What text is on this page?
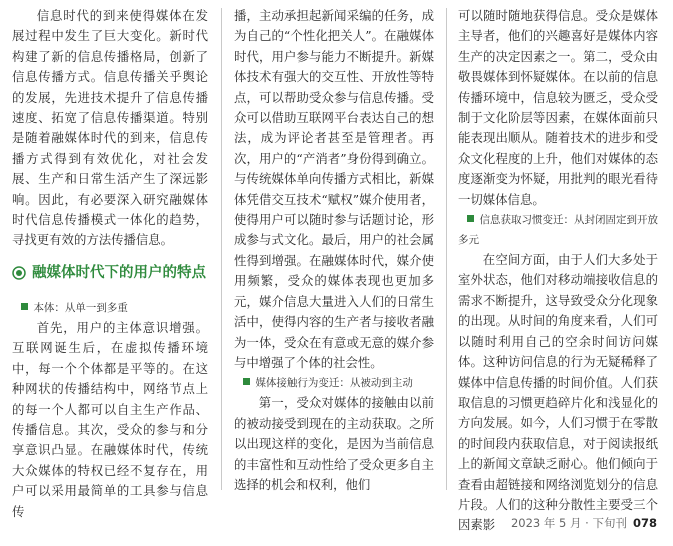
信息时代的到来使得媒体在发展过程中发生了巨大变化。新时代构建了新的信息传播格局，创新了信息传播方式。信息传播关乎舆论的发展，先进技术提升了信息传播速度、拓宽了信息传播渠道。特别是随着融媒体时代的到来，信息传播方式得到有效优化，对社会发展、生产和日常生活产生了深远影响。因此，有必要深入研究融媒体时代信息传播模式一体化的趋势，寻找更有效的方法传播信息。

融媒体时代下的用户的特点
本体：从单一到多重

首先，用户的主体意识增强。互联网诞生后，在虚拟传播环境中，每一个个体都是平等的。在这种网状的传播结构中，网络节点上的每一个人都可以自主生产作品、传播信息。其次，受众的参与和分享意识凸显。在融媒体时代，传统大众媒体的特权已经不复存在，用户可以采用最简单的工具参与信息传

播，主动承担起新闻采编的任务，成为自己的“个性化把关人”。在融媒体时代，用户参与能力不断提升。新媒体技术有强大的交互性、开放性等特点，可以帮助受众参与信息传播。受众可以借助互联网平台表达自己的想法，成为评论者甚至是管理者。再次，用户的“产消者”身份得到确立。与传统媒体单向传播方式相比，新媒体凭借交互技术“赋权”媒介使用者，使得用户可以随时参与话题讨论，形成参与式文化。最后，用户的社会属性得到增强。在融媒体时代，媒介使用频繁，受众的媒体表现也更加多元，媒介信息大量进入人们的日常生活中，使得内容的生产者与接收者融为一体，受众在有意或无意的媒介参与中增强了个体的社会性。

媒体接触行为变迁：从被动到主动

第一，受众对媒体的接触由以前的被动接受到现在的主动获取。之所以出现这样的变化，是因为当前信息的丰富性和互动性给了受众更多自主选择的机会和权利，他们

可以随时随地获得信息。受众是媒体主导者，他们的兴趣喜好是媒体内容生产的决定因素之一。第二，受众由敬畏媒体到怀疑媒体。在以前的信息传播环境中，信息较为匮乏，受众受制于文化阶层等因素，在媒体面前只能表现出顺从。随着技术的进步和受众文化程度的上升，他们对媒体的态度逐渐变为怀疑，用批判的眼光看待一切媒体信息。

信息获取习惯变迁：从封闭固定到开放多元

在空间方面，由于人们大多处于室外状态，他们对移动端接收信息的需求不断提升，这导致受众分化现象的出现。从时间的角度来看，人们可以随时利用自己的空余时间访问媒体。这种访问信息的行为无疑稀释了媒体中信息传播的时间价值。人们获取信息的习惯更趋碎片化和浅显化的方向发展。如今，人们习惯于在零散的时间段内获取信息，对于阅读报纸上的新闻文章缺乏耐心。他们倾向于查看由超链接和网络浏览划分的信息片段。人们的这种分散性主要受三个因素影	2023 年 5 月 · 下旬刊 078
